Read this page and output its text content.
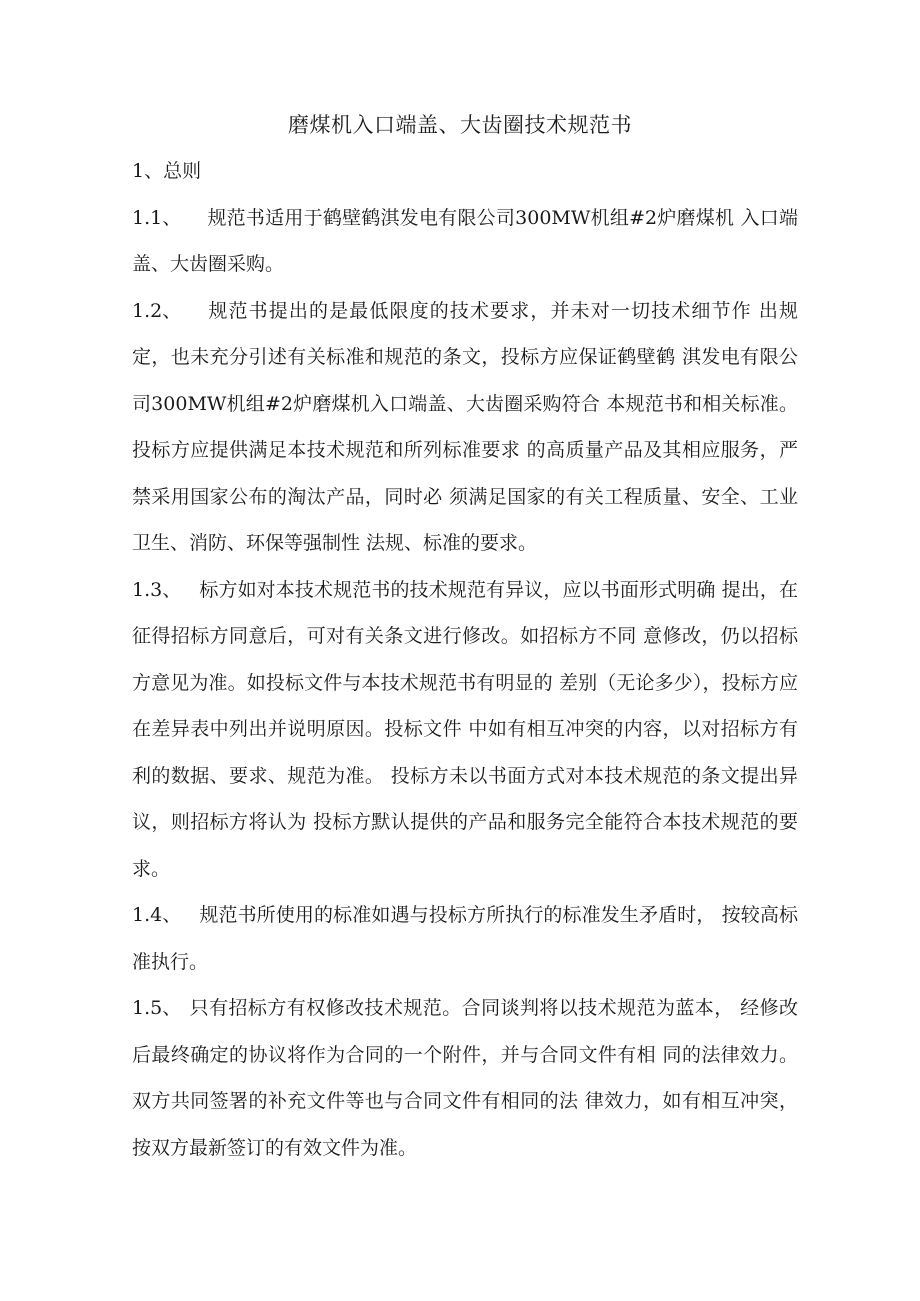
磨煤机入口端盖、大齿圈技术规范书

1、总则

1.1、 规范书适用于鹤壁鹤淇发电有限公司300MW机组#2炉磨煤机 入口端盖、大齿圈采购。

1.2、 规范书提出的是最低限度的技术要求，并未对一切技术细节作 出规定，也未充分引述有关标准和规范的条文，投标方应保证鹤壁鹤 淇发电有限公司300MW机组#2炉磨煤机入口端盖、大齿圈采购符合 本规范书和相关标准。投标方应提供满足本技术规范和所列标准要求 的高质量产品及其相应服务，严禁采用国家公布的淘汰产品，同时必 须满足国家的有关工程质量、安全、工业卫生、消防、环保等强制性 法规、标准的要求。

1.3、 标方如对本技术规范书的技术规范有异议，应以书面形式明确 提出，在征得招标方同意后，可对有关条文进行修改。如招标方不同 意修改，仍以招标方意见为准。如投标文件与本技术规范书有明显的 差别（无论多少），投标方应在差异表中列出并说明原因。投标文件 中如有相互冲突的内容，以对招标方有利的数据、要求、规范为准。 投标方未以书面方式对本技术规范的条文提出异议，则招标方将认为 投标方默认提供的产品和服务完全能符合本技术规范的要求。

1.4、 规范书所使用的标准如遇与投标方所执行的标准发生矛盾时， 按较高标准执行。

1.5、 只有招标方有权修改技术规范。合同谈判将以技术规范为蓝本， 经修改后最终确定的协议将作为合同的一个附件，并与合同文件有相 同的法律效力。双方共同签署的补充文件等也与合同文件有相同的法 律效力，如有相互冲突，按双方最新签订的有效文件为准。
